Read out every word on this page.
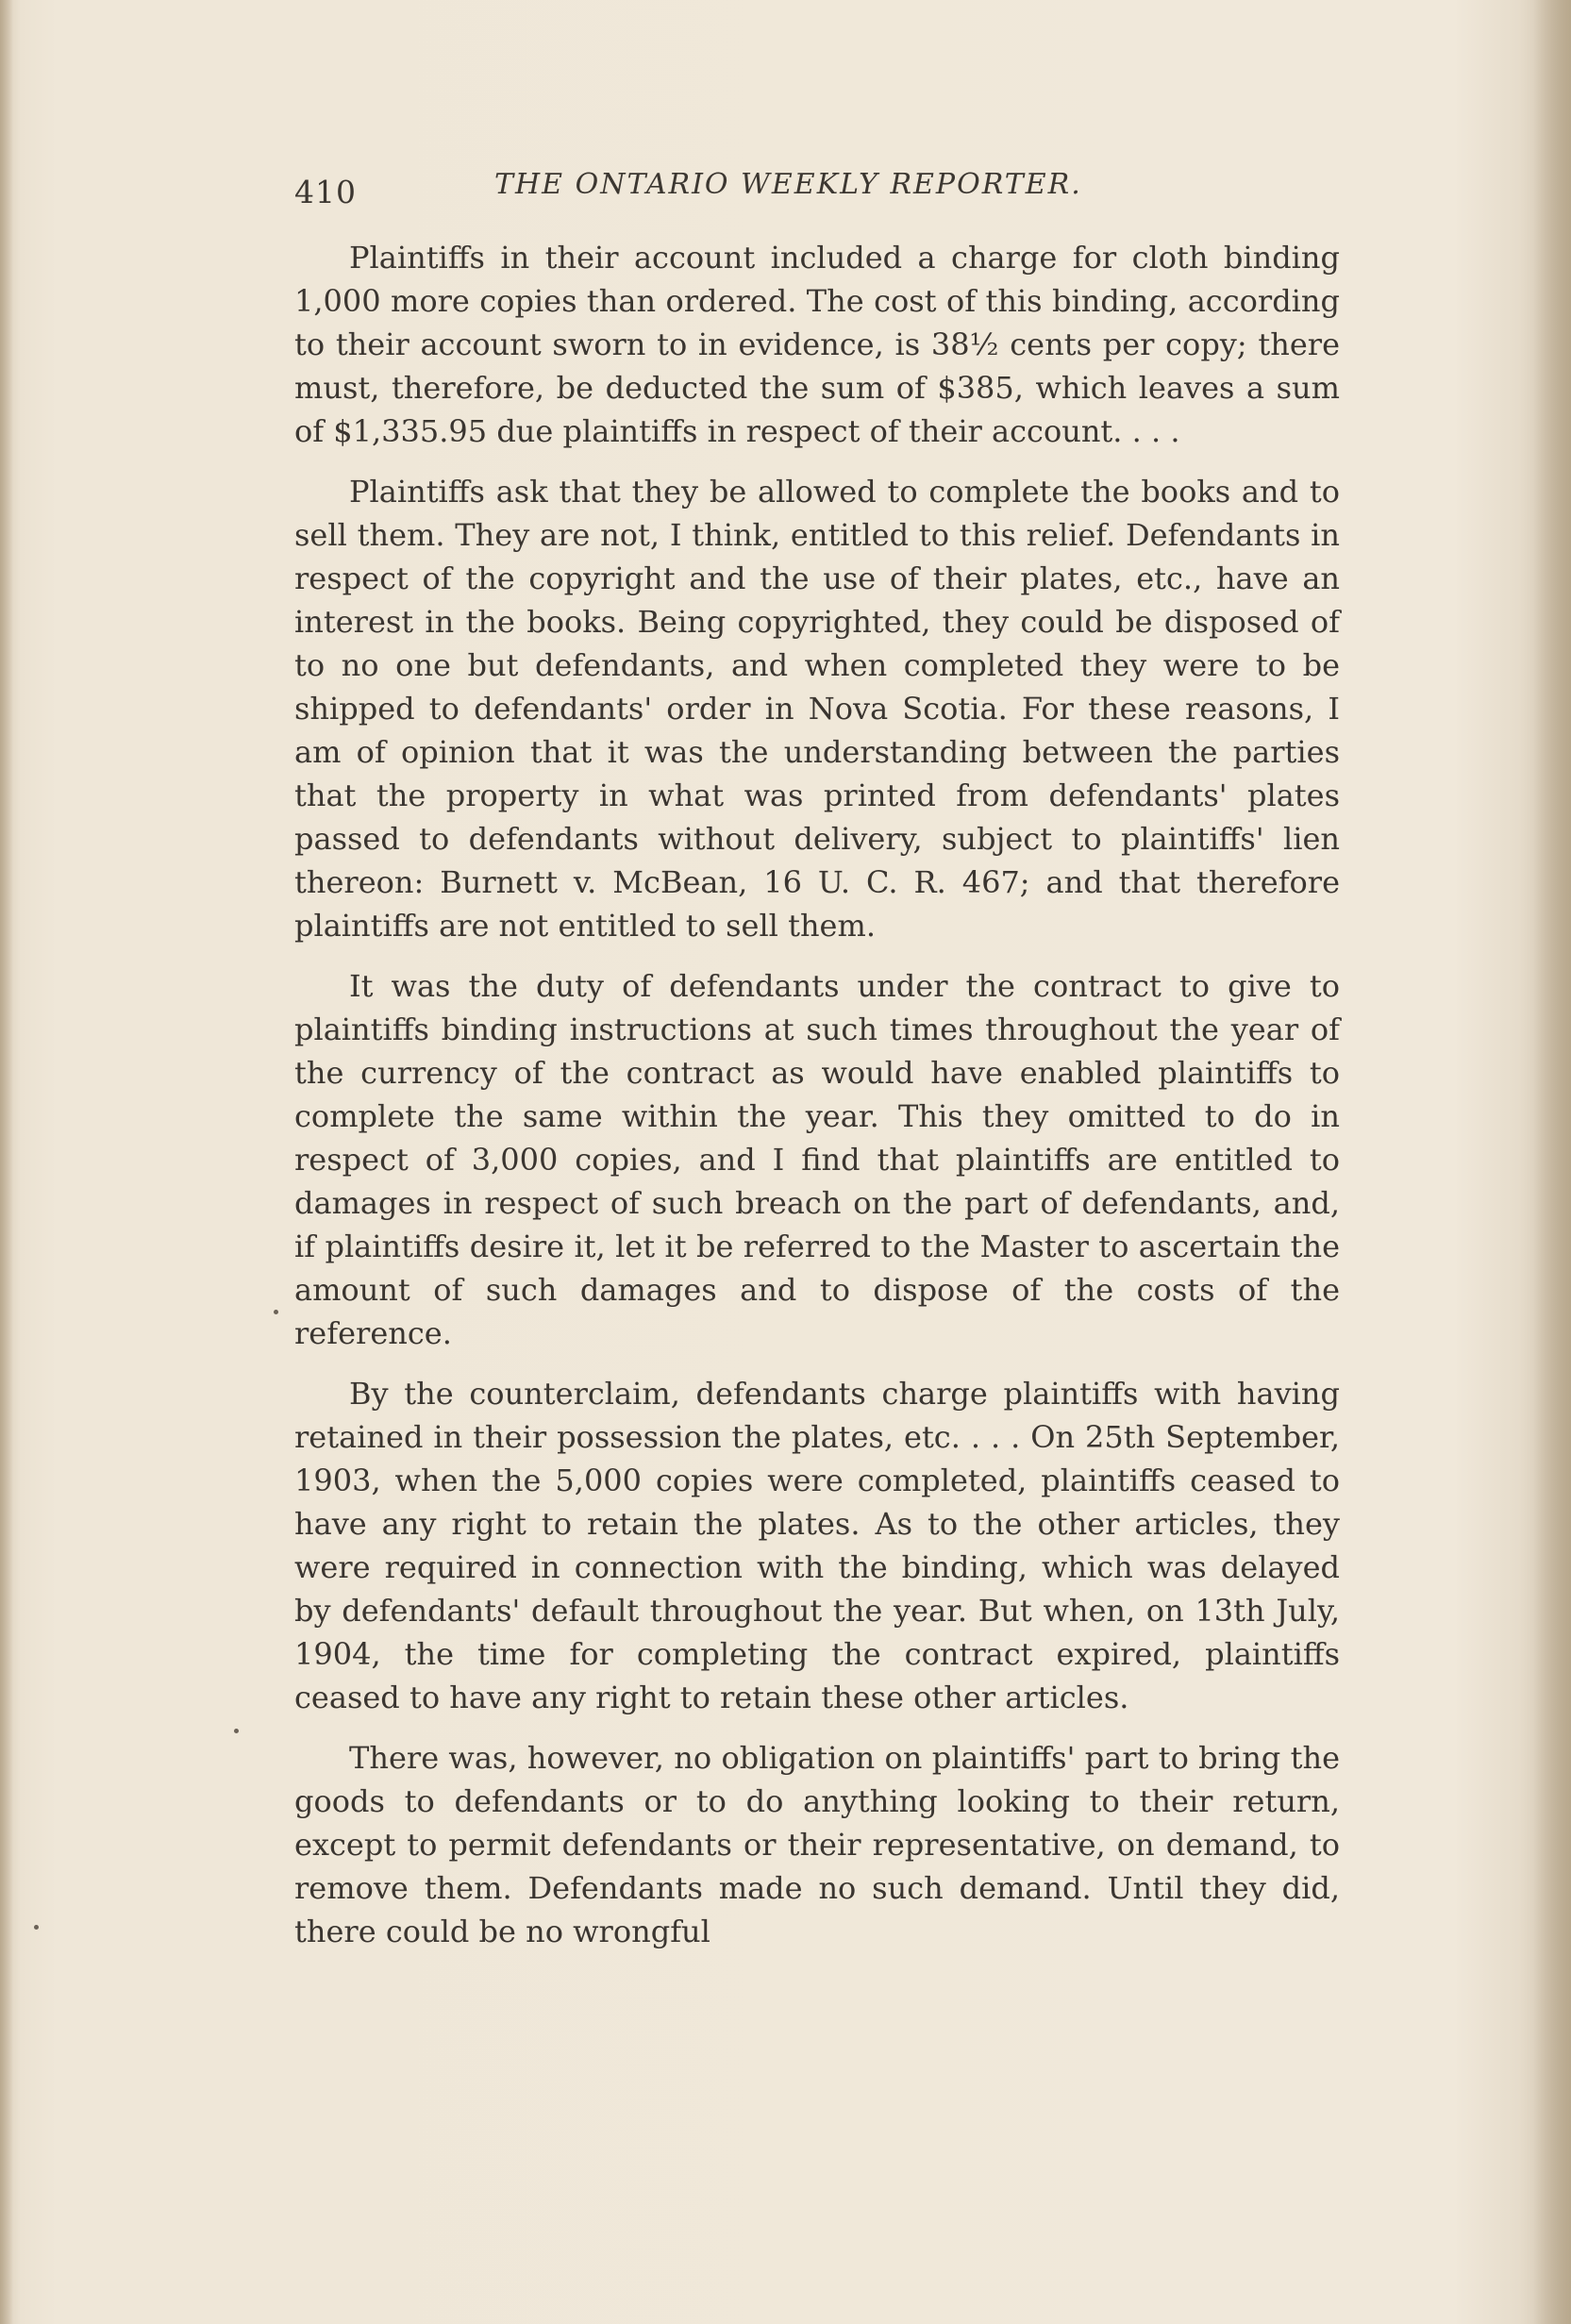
410	THE ONTARIO WEEKLY REPORTER.

Plaintiffs in their account included a charge for cloth binding 1,000 more copies than ordered. The cost of this binding, according to their account sworn to in evidence, is 38½ cents per copy; there must, therefore, be deducted the sum of $385, which leaves a sum of $1,335.95 due plaintiffs in respect of their account. . . .

Plaintiffs ask that they be allowed to complete the books and to sell them. They are not, I think, entitled to this relief. Defendants in respect of the copyright and the use of their plates, etc., have an interest in the books. Being copyrighted, they could be disposed of to no one but defendants, and when completed they were to be shipped to defendants' order in Nova Scotia. For these reasons, I am of opinion that it was the understanding between the parties that the property in what was printed from defendants' plates passed to defendants without delivery, subject to plaintiffs' lien thereon: Burnett v. McBean, 16 U. C. R. 467; and that therefore plaintiffs are not entitled to sell them.

It was the duty of defendants under the contract to give to plaintiffs binding instructions at such times throughout the year of the currency of the contract as would have enabled plaintiffs to complete the same within the year. This they omitted to do in respect of 3,000 copies, and I find that plaintiffs are entitled to damages in respect of such breach on the part of defendants, and, if plaintiffs desire it, let it be referred to the Master to ascertain the amount of such damages and to dispose of the costs of the reference.

By the counterclaim, defendants charge plaintiffs with having retained in their possession the plates, etc. . . . On 25th September, 1903, when the 5,000 copies were completed, plaintiffs ceased to have any right to retain the plates. As to the other articles, they were required in connection with the binding, which was delayed by defendants' default throughout the year. But when, on 13th July, 1904, the time for completing the contract expired, plaintiffs ceased to have any right to retain these other articles.

There was, however, no obligation on plaintiffs' part to bring the goods to defendants or to do anything looking to their return, except to permit defendants or their representative, on demand, to remove them. Defendants made no such demand. Until they did, there could be no wrongful
